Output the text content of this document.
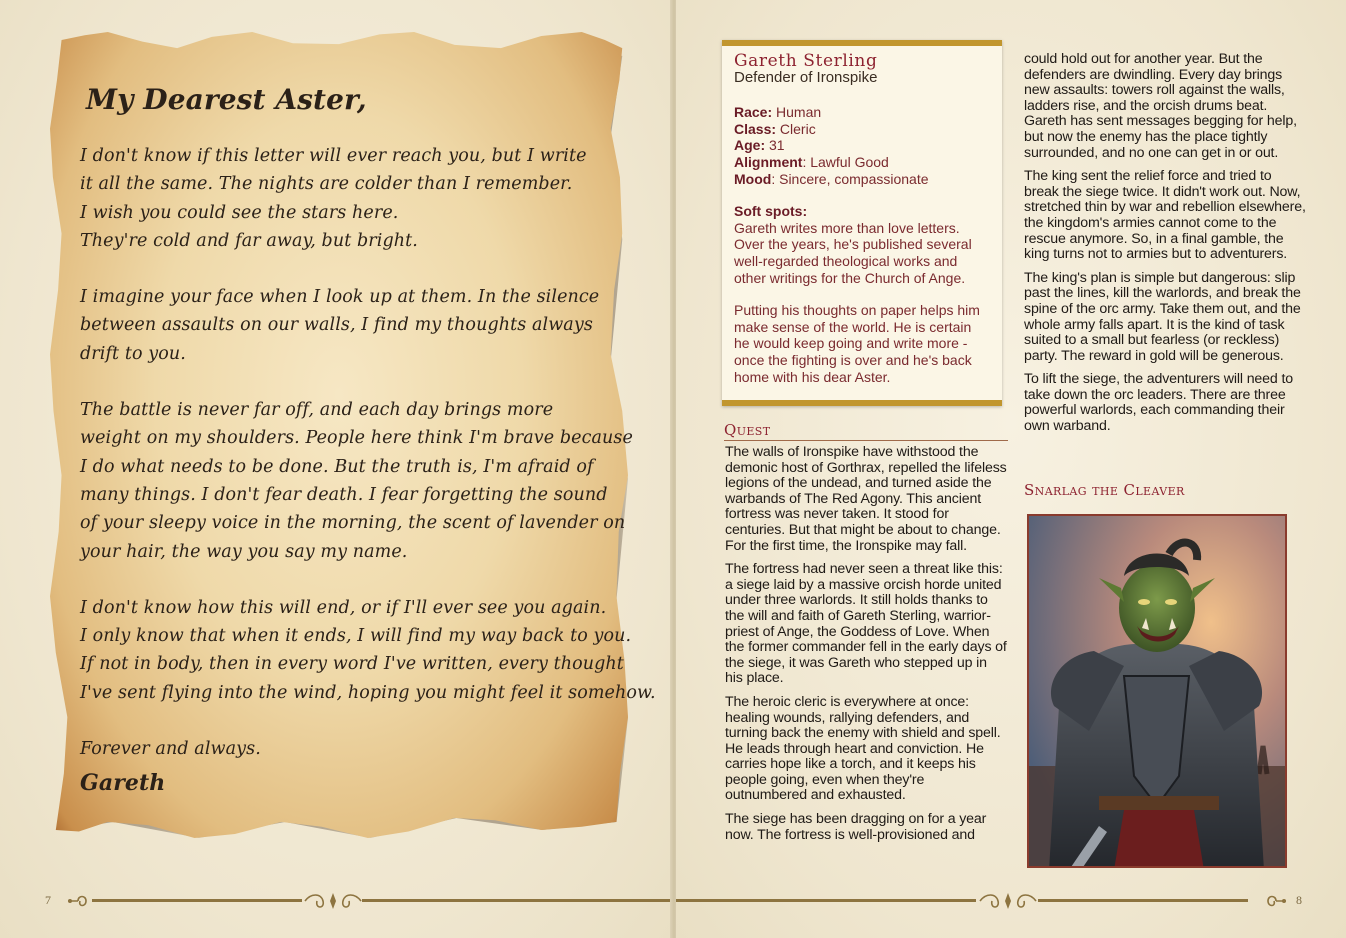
My Dearest Aster,
I don't know if this letter will ever reach you, but I write
it all the same. The nights are colder than I remember.
I wish you could see the stars here.
They're cold and far away, but bright.
I imagine your face when I look up at them. In the silence
between assaults on our walls, I find my thoughts always
drift to you.
The battle is never far off, and each day brings more
weight on my shoulders. People here think I'm brave because
I do what needs to be done. But the truth is, I'm afraid of
many things. I don't fear death. I fear forgetting the sound
of your sleepy voice in the morning, the scent of lavender on
your hair, the way you say my name.
I don't know how this will end, or if I'll ever see you again.
I only know that when it ends, I will find my way back to you.
If not in body, then in every word I've written, every thought
I've sent flying into the wind, hoping you might feel it somehow.
Forever and always.
Gareth
7	8
Gareth Sterling
Defender of Ironspike
Race: Human
Class: Cleric
Age: 31
Alignment: Lawful Good
Mood: Sincere, compassionate
Soft spots:
Gareth writes more than love letters. Over the years, he's published several well-regarded theological works and other writings for the Church of Ange.
Putting his thoughts on paper helps him make sense of the world. He is certain he would keep going and write more - once the fighting is over and he's back home with his dear Aster.
Quest

The walls of Ironspike have withstood the demonic host of Gorthrax, repelled the lifeless legions of the undead, and turned aside the warbands of The Red Agony. This ancient fortress was never taken. It stood for centuries. But that might be about to change. For the first time, the Ironspike may fall.

The fortress had never seen a threat like this: a siege laid by a massive orcish horde united under three warlords. It still holds thanks to the will and faith of Gareth Sterling, warrior-priest of Ange, the Goddess of Love. When the former commander fell in the early days of the siege, it was Gareth who stepped up in his place.

The heroic cleric is everywhere at once: healing wounds, rallying defenders, and turning back the enemy with shield and spell. He leads through heart and conviction. He carries hope like a torch, and it keeps his people going, even when they're outnumbered and exhausted.

The siege has been dragging on for a year now. The fortress is well-provisioned and

could hold out for another year. But the defenders are dwindling. Every day brings new assaults: towers roll against the walls, ladders rise, and the orcish drums beat. Gareth has sent messages begging for help, but now the enemy has the place tightly surrounded, and no one can get in or out.

The king sent the relief force and tried to break the siege twice. It didn't work out. Now, stretched thin by war and rebellion elsewhere, the kingdom's armies cannot come to the rescue anymore. So, in a final gamble, the king turns not to armies but to adventurers.

The king's plan is simple but dangerous: slip past the lines, kill the warlords, and break the spine of the orc army. Take them out, and the whole army falls apart. It is the kind of task suited to a small but fearless (or reckless) party. The reward in gold will be generous.

To lift the siege, the adventurers will need to take down the orc leaders. There are three powerful warlords, each commanding their own warband.

Snarlag the Cleaver
